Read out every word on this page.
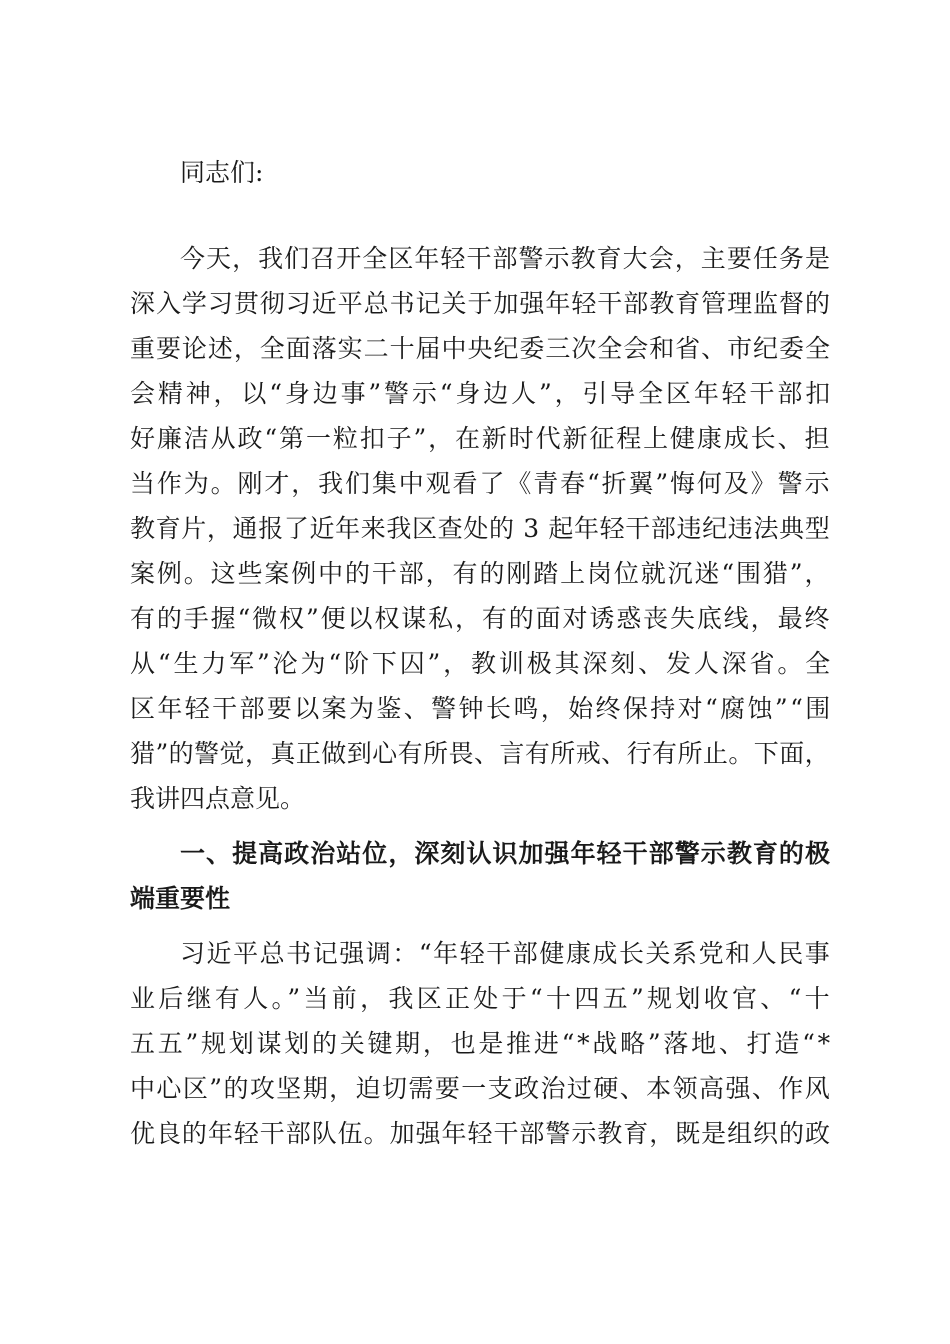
同志们:
今天，我们召开全区年轻干部警示教育大会，主要任务是
深入学习贯彻习近平总书记关于加强年轻干部教育管理监督的
重要论述，全面落实二十届中央纪委三次全会和省、市纪委全
会精神，以“身边事”警示“身边人”，引导全区年轻干部扣
好廉洁从政“第一粒扣子”，在新时代新征程上健康成长、担
当作为。刚才，我们集中观看了《青春“折翼”悔何及》警示
教育片，通报了近年来我区查处的 3 起年轻干部违纪违法典型
案例。这些案例中的干部，有的刚踏上岗位就沉迷“围猎”，
有的手握“微权”便以权谋私，有的面对诱惑丧失底线，最终
从“生力军”沦为“阶下囚”，教训极其深刻、发人深省。全
区年轻干部要以案为鉴、警钟长鸣，始终保持对“腐蚀”“围
猎”的警觉，真正做到心有所畏、言有所戒、行有所止。下面，
我讲四点意见。
一、提高政治站位，深刻认识加强年轻干部警示教育的极
端重要性
习近平总书记强调：“年轻干部健康成长关系党和人民事
业后继有人。”当前，我区正处于“十四五”规划收官、“十
五五”规划谋划的关键期，也是推进“*战略”落地、打造“*
中心区”的攻坚期，迫切需要一支政治过硬、本领高强、作风
优良的年轻干部队伍。加强年轻干部警示教育，既是组织的政
